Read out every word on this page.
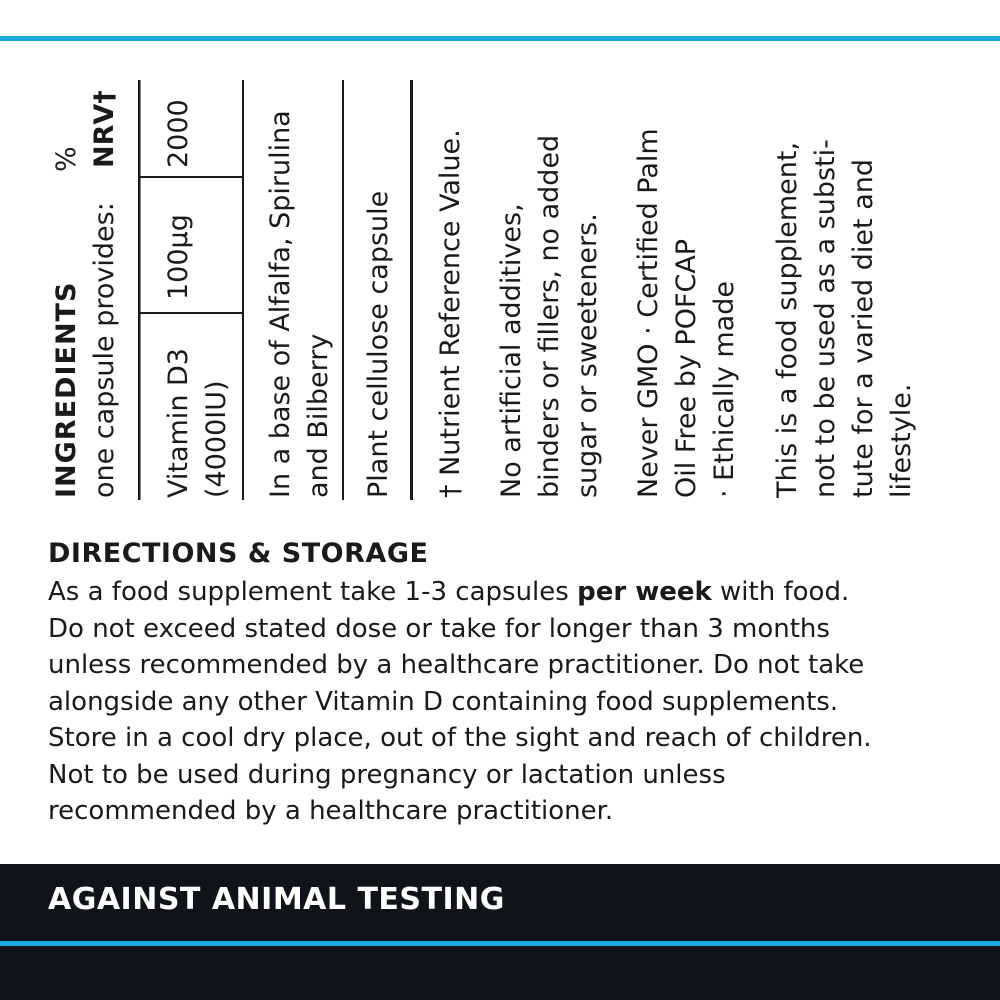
INGREDIENTS one capsule provides:
% NRV†
Vitamin D3 (4000IU)
100μg
2000	In a base of Alfalfa, Spirulina and Bilberry Plant cellulose capsule † Nutrient Reference Value. No artificial additives, binders or fillers, no added sugar or sweeteners. Never GMO · Certified Palm Oil Free by POFCAP · Ethically made This is a food supplement, not to be used as a substi- tute for a varied diet and lifestyle.
DIRECTIONS & STORAGE
As a food supplement take 1-3 capsules per week with food.
Do not exceed stated dose or take for longer than 3 months
unless recommended by a healthcare practitioner. Do not take
alongside any other Vitamin D containing food supplements.
Store in a cool dry place, out of the sight and reach of children.
Not to be used during pregnancy or lactation unless
recommended by a healthcare practitioner.
AGAINST ANIMAL TESTING
